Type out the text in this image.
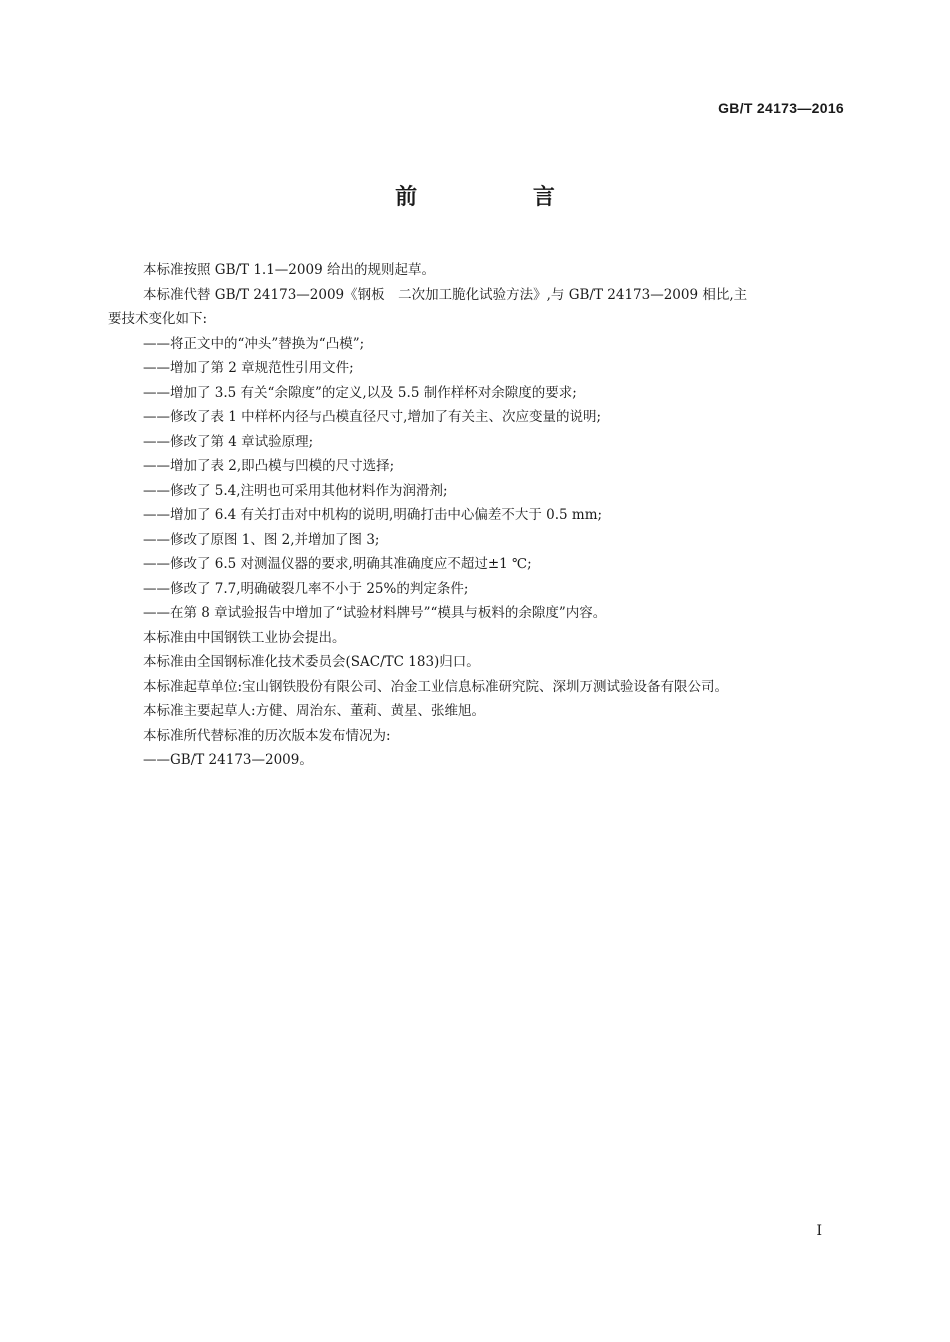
GB/T 24173—2016
前 言

本标准按照 GB/T 1.1—2009 给出的规则起草。

本标准代替 GB/T 24173—2009《钢板　二次加工脆化试验方法》,与 GB/T 24173—2009 相比,主

要技术变化如下:

——将正文中的“冲头”替换为“凸模”;

——增加了第 2 章规范性引用文件;

——增加了 3.5 有关“余隙度”的定义,以及 5.5 制作样杯对余隙度的要求;

——修改了表 1 中样杯内径与凸模直径尺寸,增加了有关主、次应变量的说明;

——修改了第 4 章试验原理;

——增加了表 2,即凸模与凹模的尺寸选择;

——修改了 5.4,注明也可采用其他材料作为润滑剂;

——增加了 6.4 有关打击对中机构的说明,明确打击中心偏差不大于 0.5 mm;

——修改了原图 1、图 2,并增加了图 3;

——修改了 6.5 对测温仪器的要求,明确其准确度应不超过±1 ℃;

——修改了 7.7,明确破裂几率不小于 25%的判定条件;

——在第 8 章试验报告中增加了“试验材料牌号”“模具与板料的余隙度”内容。

本标准由中国钢铁工业协会提出。

本标准由全国钢标准化技术委员会(SAC/TC 183)归口。

本标准起草单位:宝山钢铁股份有限公司、冶金工业信息标准研究院、深圳万测试验设备有限公司。

本标准主要起草人:方健、周治东、董莉、黄星、张维旭。

本标准所代替标准的历次版本发布情况为:

——GB/T 24173—2009。

I
